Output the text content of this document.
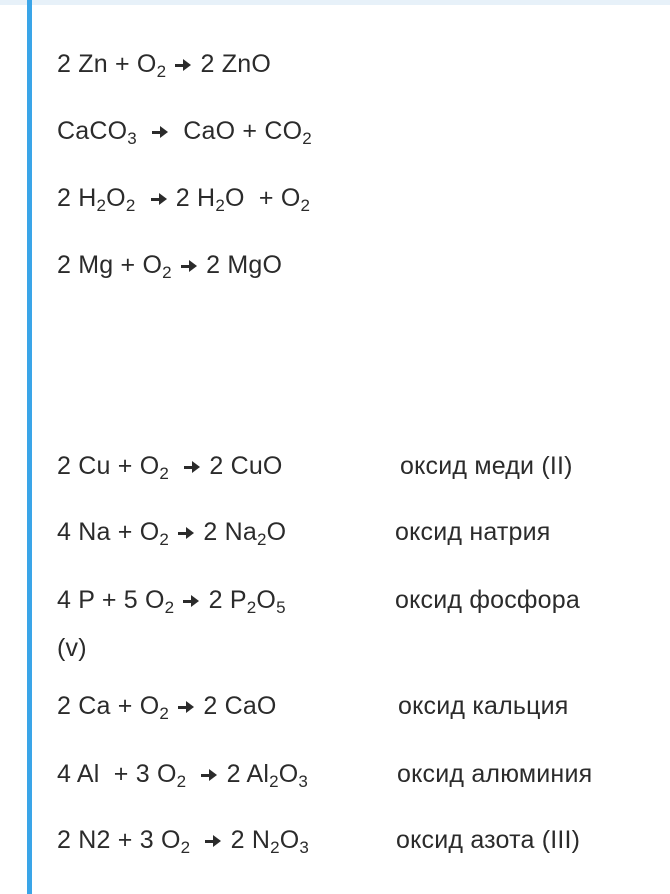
2 $Zn + O_2$ 2 ZnO
CaCO$_3$ CaO + $CO_2$
2 $H_2O_2$ 2 $H_2O + O_2$
2 $Mg + O_2$ 2 MgO
2 $Cu + O_2$ 2 CuO	оксид меди (II)
4 $Na + O_2$ 2 $Na_2O$	оксид натрия
4 P + 5 $O_2$ 2 $P_2O_5$	оксид фосфора
(v)
2 $Ca + O_2$ 2 CaO	оксид кальция
4 Al  + 3 $O_2$ 2 $Al_2O_3$	оксид алюминия
2 N2 + 3 $O_2$ 2 $N_2O_3$	оксид азота (III)
